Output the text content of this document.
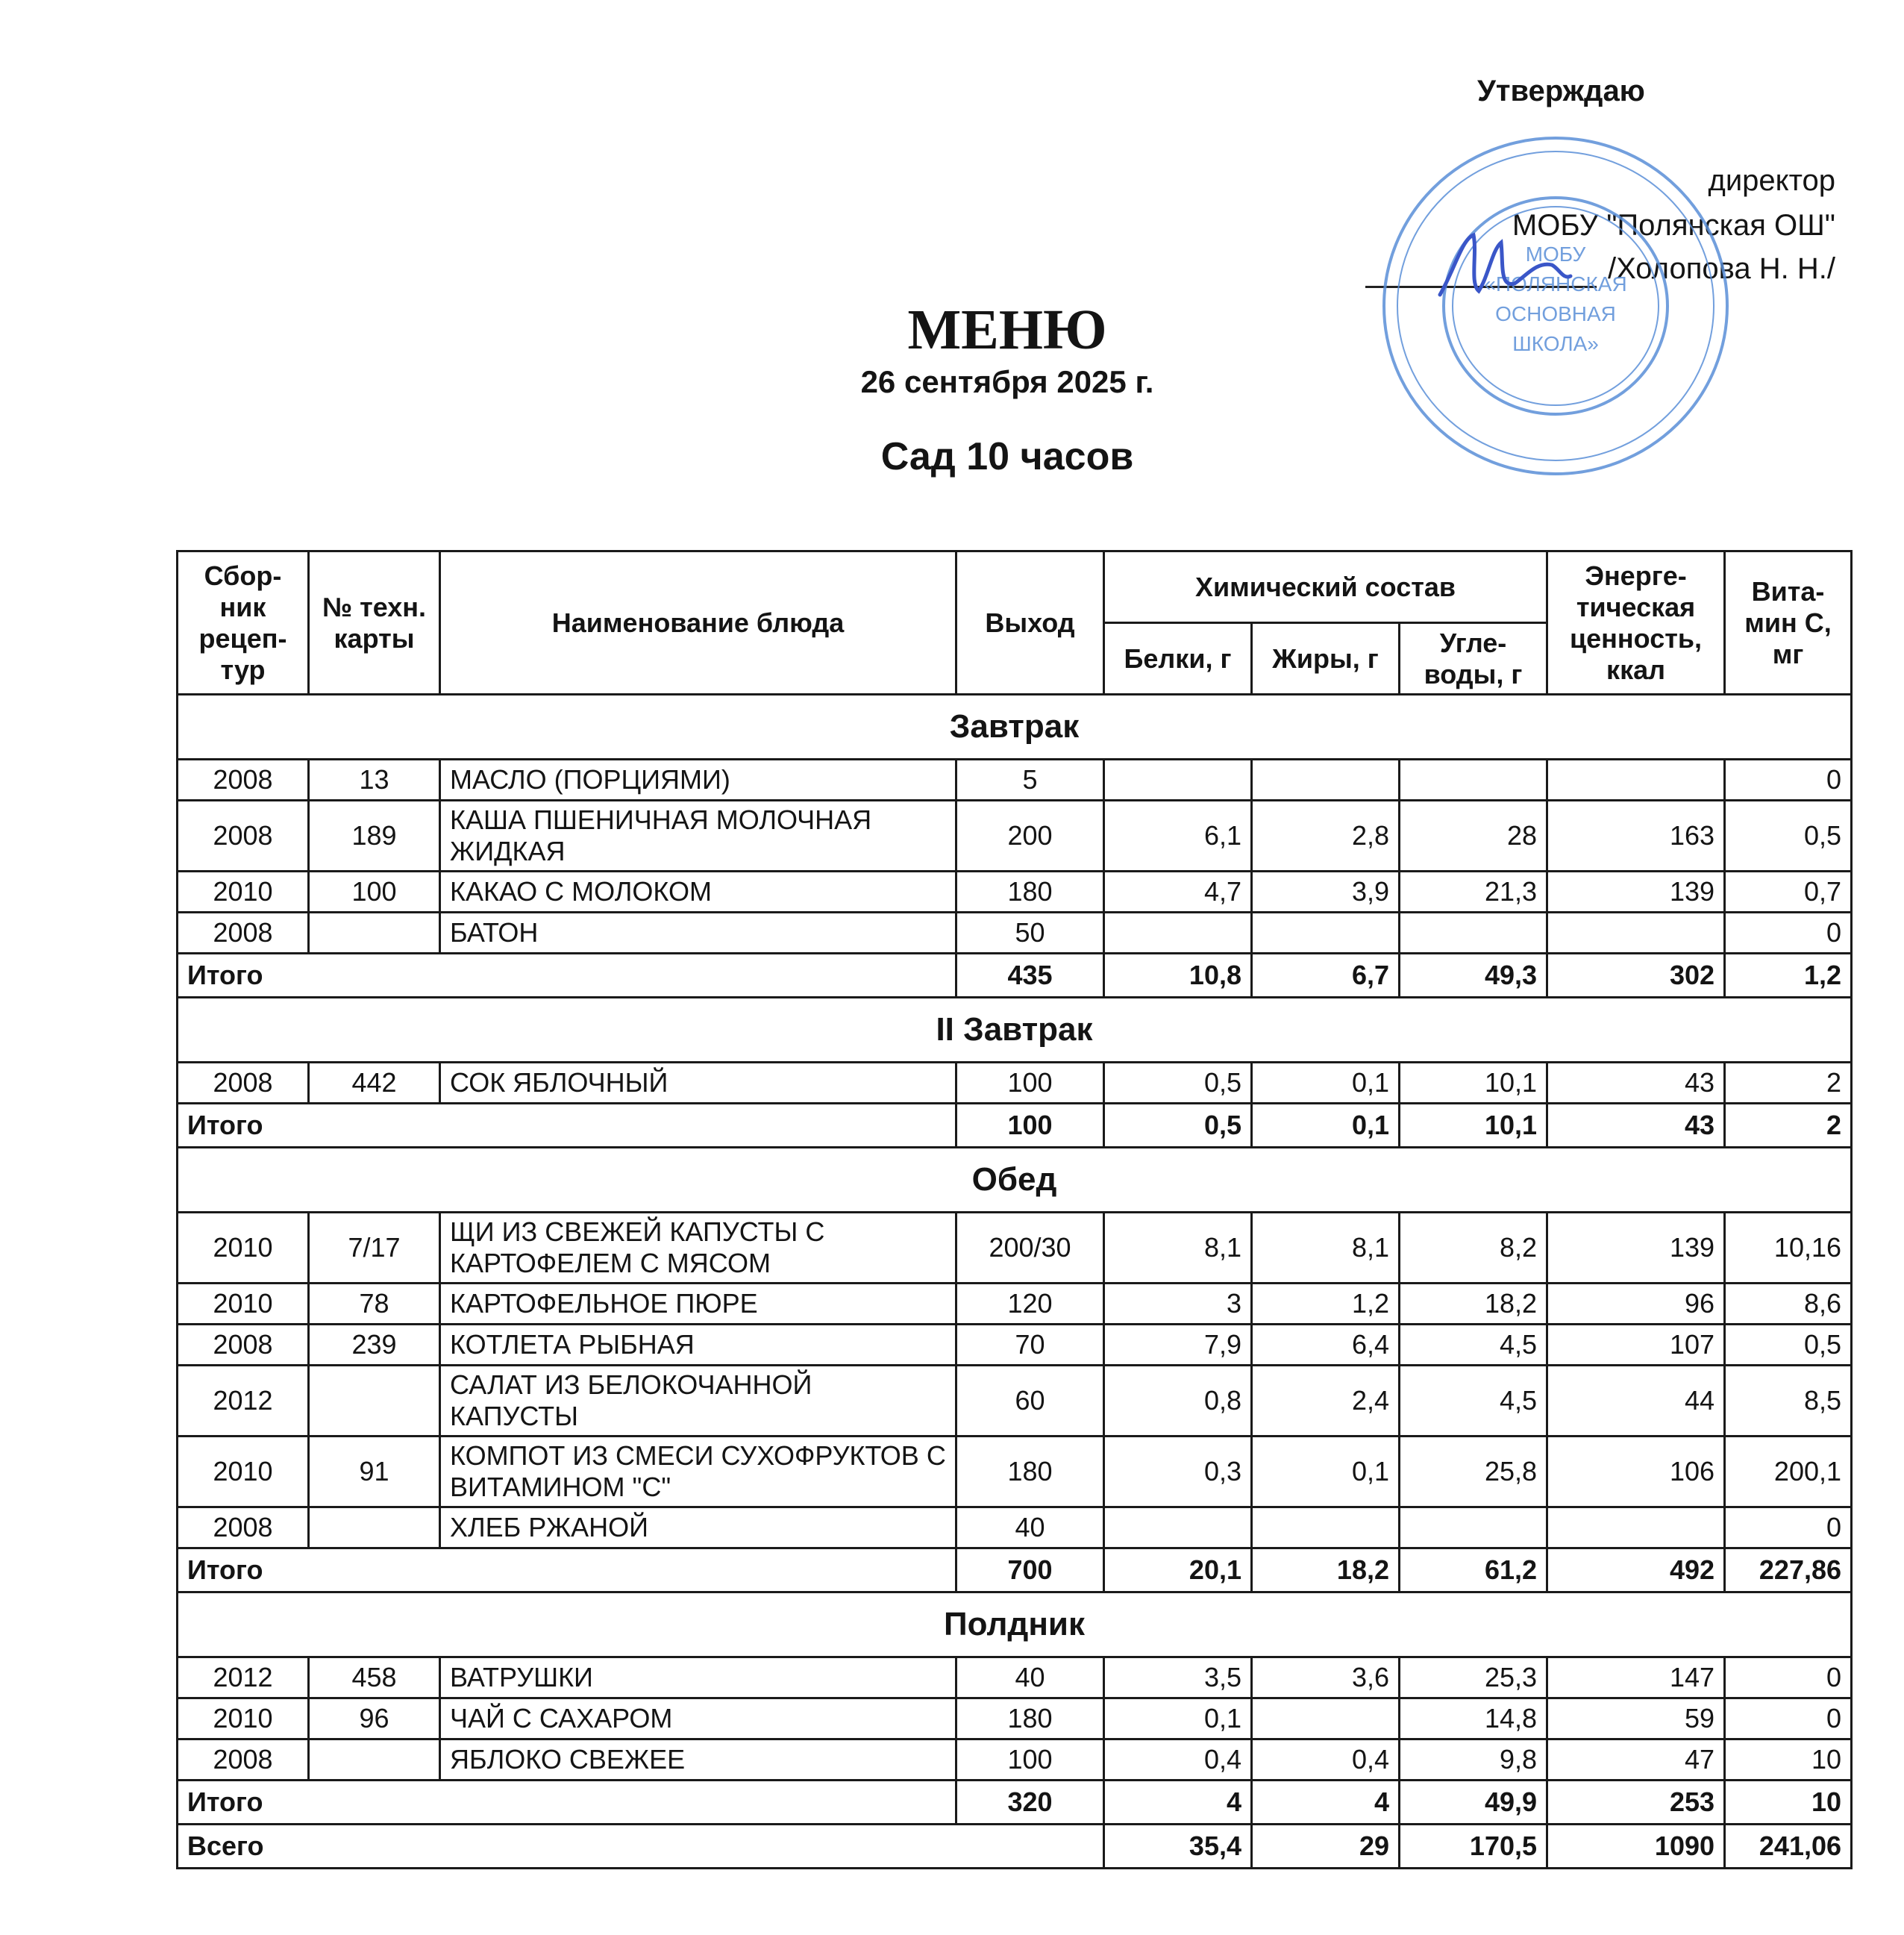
Утверждаю
директор
МОБУ "Полянская ОШ"
/Холопова Н. Н./
МОБУ
«ПОЛЯНСКАЯ
ОСНОВНАЯ
ШКОЛА»
МЕНЮ
26 сентября 2025 г.
Сад 10 часов
Сбор-ник рецеп-тур	№ техн. карты	Наименование блюда	Выход	Химический состав			Энерге-тическая ценность, ккал	Вита-мин С, мг
				Белки, г	Жиры, г	Угле-воды, г		
Завтрак								
2008	13	МАСЛО (ПОРЦИЯМИ)	5					0
2008	189	КАША ПШЕНИЧНАЯ МОЛОЧНАЯ ЖИДКАЯ	200	6,1	2,8	28	163	0,5
2010	100	КАКАО С МОЛОКОМ	180	4,7	3,9	21,3	139	0,7
2008		БАТОН	50					0
Итого			435	10,8	6,7	49,3	302	1,2
II Завтрак								
2008	442	СОК ЯБЛОЧНЫЙ	100	0,5	0,1	10,1	43	2
Итого			100	0,5	0,1	10,1	43	2
Обед								
2010	7/17	ЩИ ИЗ СВЕЖЕЙ КАПУСТЫ С КАРТОФЕЛЕМ С МЯСОМ	200/30	8,1	8,1	8,2	139	10,16
2010	78	КАРТОФЕЛЬНОЕ ПЮРЕ	120	3	1,2	18,2	96	8,6
2008	239	КОТЛЕТА РЫБНАЯ	70	7,9	6,4	4,5	107	0,5
2012		САЛАТ ИЗ БЕЛОКОЧАННОЙ КАПУСТЫ	60	0,8	2,4	4,5	44	8,5
2010	91	КОМПОТ ИЗ СМЕСИ СУХОФРУКТОВ С ВИТАМИНОМ "С"	180	0,3	0,1	25,8	106	200,1
2008		ХЛЕБ РЖАНОЙ	40					0
Итого			700	20,1	18,2	61,2	492	227,86
Полдник								
2012	458	ВАТРУШКИ	40	3,5	3,6	25,3	147	0
2010	96	ЧАЙ С САХАРОМ	180	0,1		14,8	59	0
2008		ЯБЛОКО СВЕЖЕЕ	100	0,4	0,4	9,8	47	10
Итого			320	4	4	49,9	253	10
Всего				35,4	29	170,5	1090	241,06
